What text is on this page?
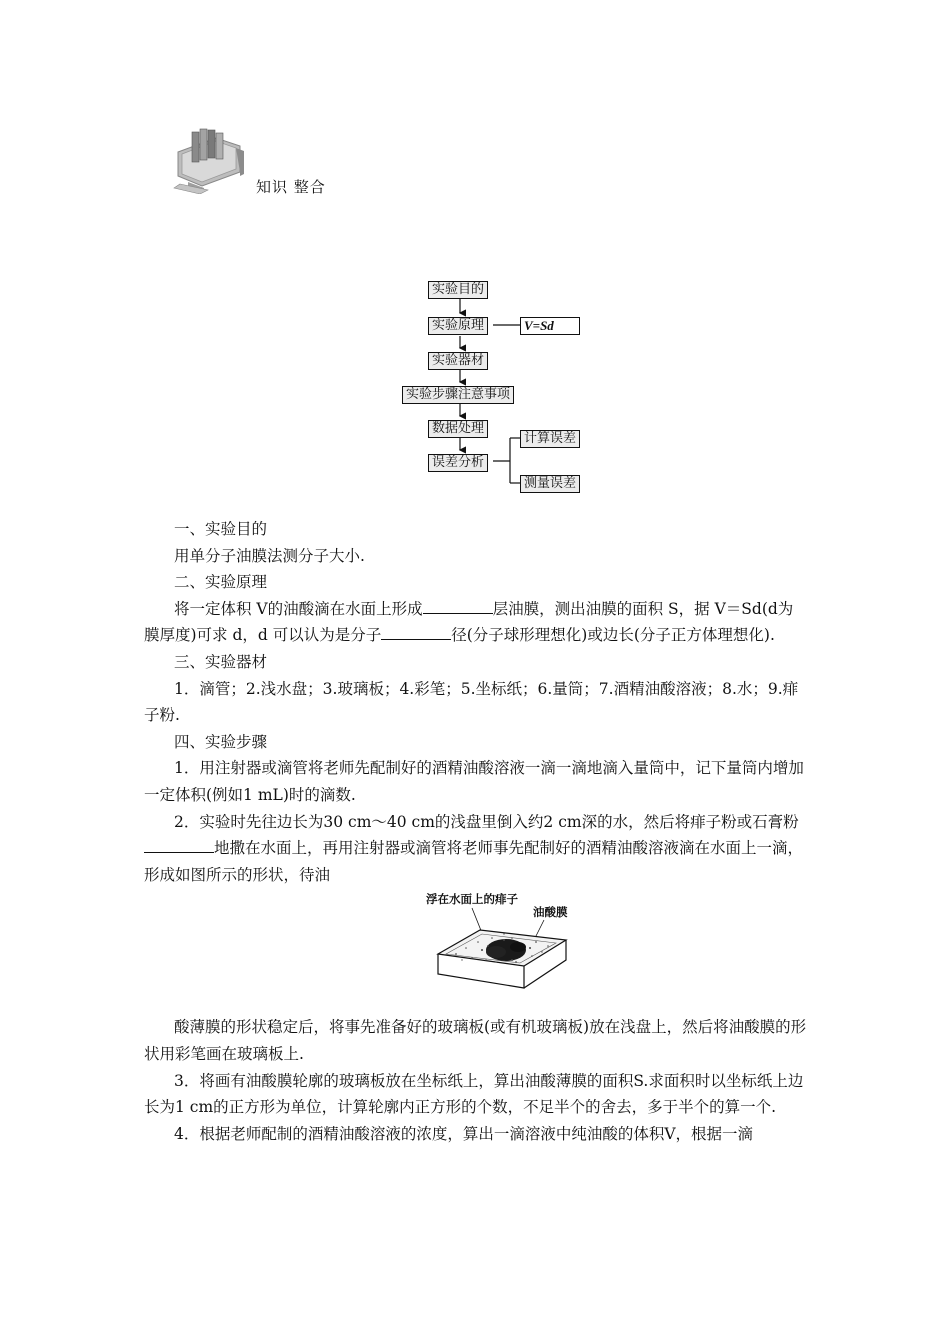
知识 整合
实验目的
实验原理	V=Sd
实验器材
实验步骤注意事项
数据处理
误差分析
计算误差
测量误差

一、实验目的

用单分子油膜法测分子大小.

二、实验原理

将一定体积 V的油酸滴在水面上形成	层油膜，测出油膜的面积 S，据 V＝Sd(d为膜厚度)可求 d，d 可以认为是分子	径(分子球形理想化)或边长(分子正方体理想化).

三、实验器材

1．滴管；2.浅水盘；3.玻璃板；4.彩笔；5.坐标纸；6.量筒；7.酒精油酸溶液；8.水；9.痱子粉.

四、实验步骤

1．用注射器或滴管将老师先配制好的酒精油酸溶液一滴一滴地滴入量筒中，记下量筒内增加一定体积(例如1 mL)时的滴数.

2．实验时先往边长为30 cm～40 cm的浅盘里倒入约2 cm深的水，然后将痱子粉或石膏粉地撒在水面上，再用注射器或滴管将老师事先配制好的酒精油酸溶液滴在水面上一滴，形成如图所示的形状，待油

浮在水面上的痱子
油酸膜

酸薄膜的形状稳定后，将事先准备好的玻璃板(或有机玻璃板)放在浅盘上，然后将油酸膜的形状用彩笔画在玻璃板上.

3．将画有油酸膜轮廓的玻璃板放在坐标纸上，算出油酸薄膜的面积S.求面积时以坐标纸上边长为1 cm的正方形为单位，计算轮廓内正方形的个数，不足半个的舍去，多于半个的算一个.

4．根据老师配制的酒精油酸溶液的浓度，算出一滴溶液中纯油酸的体积V，根据一滴
